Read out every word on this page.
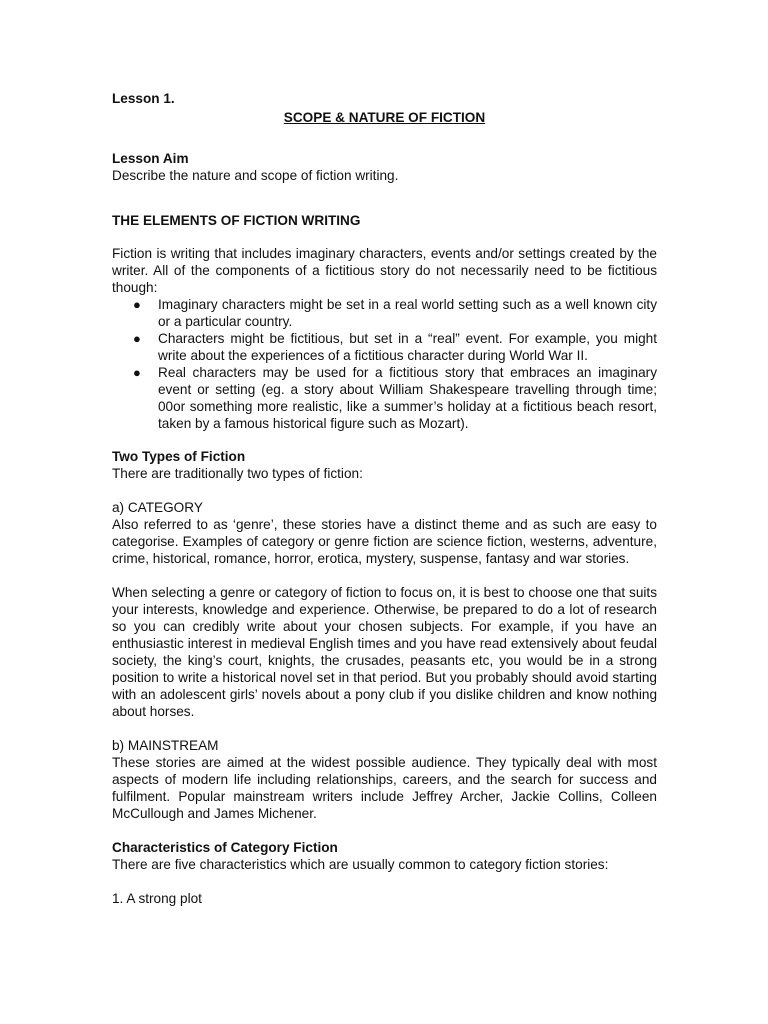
Lesson 1.

SCOPE & NATURE OF FICTION

Lesson Aim

Describe the nature and scope of fiction writing.

THE ELEMENTS OF FICTION WRITING

Fiction is writing that includes imaginary characters, events and/or settings created by the writer. All of the components of a fictitious story do not necessarily need to be fictitious though:

● Imaginary characters might be set in a real world setting such as a well known city or a particular country.
● Characters might be fictitious, but set in a “real” event. For example, you might write about the experiences of a fictitious character during World War II.
● Real characters may be used for a fictitious story that embraces an imaginary event or setting (eg. a story about William Shakespeare travelling through time; 00or something more realistic, like a summer’s holiday at a fictitious beach resort, taken by a famous historical figure such as Mozart).

Two Types of Fiction

There are traditionally two types of fiction:

a) CATEGORY

Also referred to as ‘genre’, these stories have a distinct theme and as such are easy to categorise. Examples of category or genre fiction are science fiction, westerns, adventure, crime, historical, romance, horror, erotica, mystery, suspense, fantasy and war stories.

When selecting a genre or category of fiction to focus on, it is best to choose one that suits your interests, knowledge and experience. Otherwise, be prepared to do a lot of research so you can credibly write about your chosen subjects. For example, if you have an enthusiastic interest in medieval English times and you have read extensively about feudal society, the king’s court, knights, the crusades, peasants etc, you would be in a strong position to write a historical novel set in that period. But you probably should avoid starting with an adolescent girls’ novels about a pony club if you dislike children and know nothing about horses.

b) MAINSTREAM

These stories are aimed at the widest possible audience. They typically deal with most aspects of modern life including relationships, careers, and the search for success and fulfilment. Popular mainstream writers include Jeffrey Archer, Jackie Collins, Colleen McCullough and James Michener.

Characteristics of Category Fiction

There are five characteristics which are usually common to category fiction stories:

1. A strong plot
